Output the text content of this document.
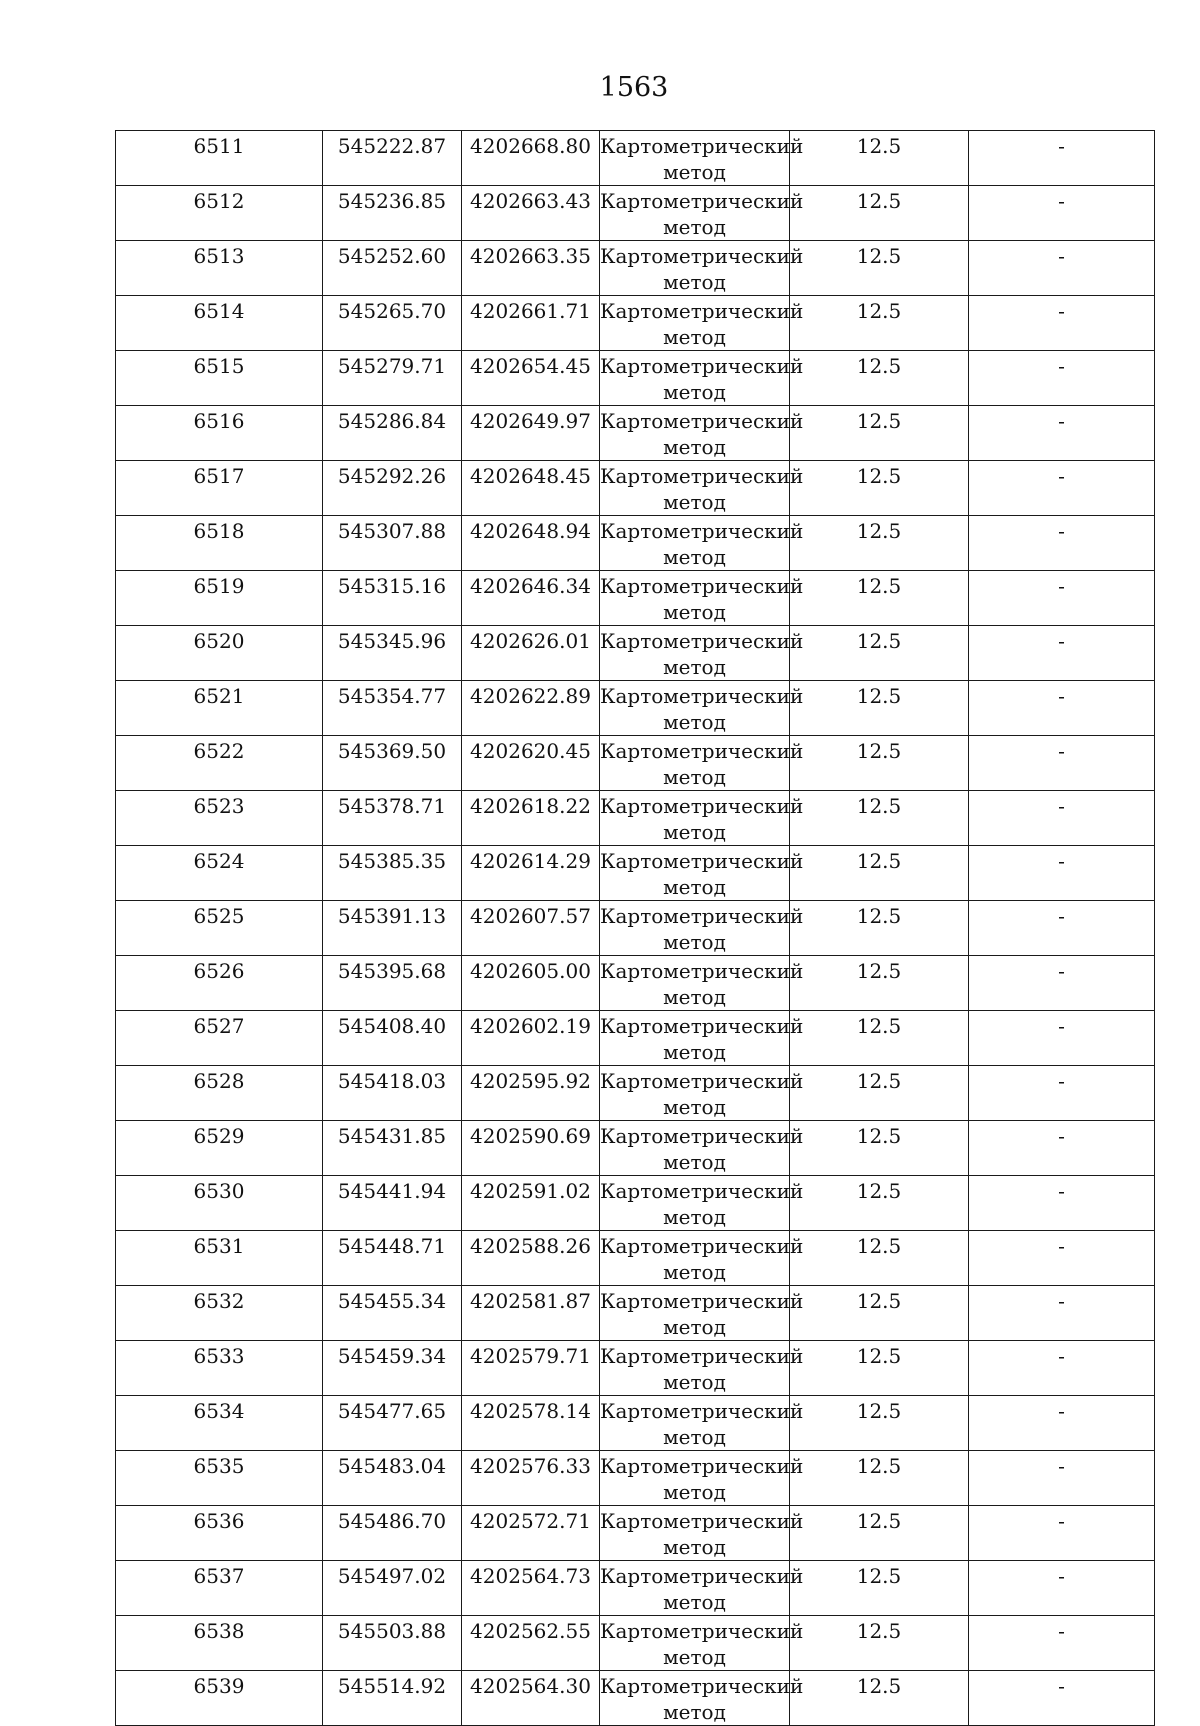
1563
6511	545222.87	4202668.80	Картометрический метод	12.5	-
6512	545236.85	4202663.43	Картометрический метод	12.5	-
6513	545252.60	4202663.35	Картометрический метод	12.5	-
6514	545265.70	4202661.71	Картометрический метод	12.5	-
6515	545279.71	4202654.45	Картометрический метод	12.5	-
6516	545286.84	4202649.97	Картометрический метод	12.5	-
6517	545292.26	4202648.45	Картометрический метод	12.5	-
6518	545307.88	4202648.94	Картометрический метод	12.5	-
6519	545315.16	4202646.34	Картометрический метод	12.5	-
6520	545345.96	4202626.01	Картометрический метод	12.5	-
6521	545354.77	4202622.89	Картометрический метод	12.5	-
6522	545369.50	4202620.45	Картометрический метод	12.5	-
6523	545378.71	4202618.22	Картометрический метод	12.5	-
6524	545385.35	4202614.29	Картометрический метод	12.5	-
6525	545391.13	4202607.57	Картометрический метод	12.5	-
6526	545395.68	4202605.00	Картометрический метод	12.5	-
6527	545408.40	4202602.19	Картометрический метод	12.5	-
6528	545418.03	4202595.92	Картометрический метод	12.5	-
6529	545431.85	4202590.69	Картометрический метод	12.5	-
6530	545441.94	4202591.02	Картометрический метод	12.5	-
6531	545448.71	4202588.26	Картометрический метод	12.5	-
6532	545455.34	4202581.87	Картометрический метод	12.5	-
6533	545459.34	4202579.71	Картометрический метод	12.5	-
6534	545477.65	4202578.14	Картометрический метод	12.5	-
6535	545483.04	4202576.33	Картометрический метод	12.5	-
6536	545486.70	4202572.71	Картометрический метод	12.5	-
6537	545497.02	4202564.73	Картометрический метод	12.5	-
6538	545503.88	4202562.55	Картометрический метод	12.5	-
6539	545514.92	4202564.30	Картометрический метод	12.5	-
